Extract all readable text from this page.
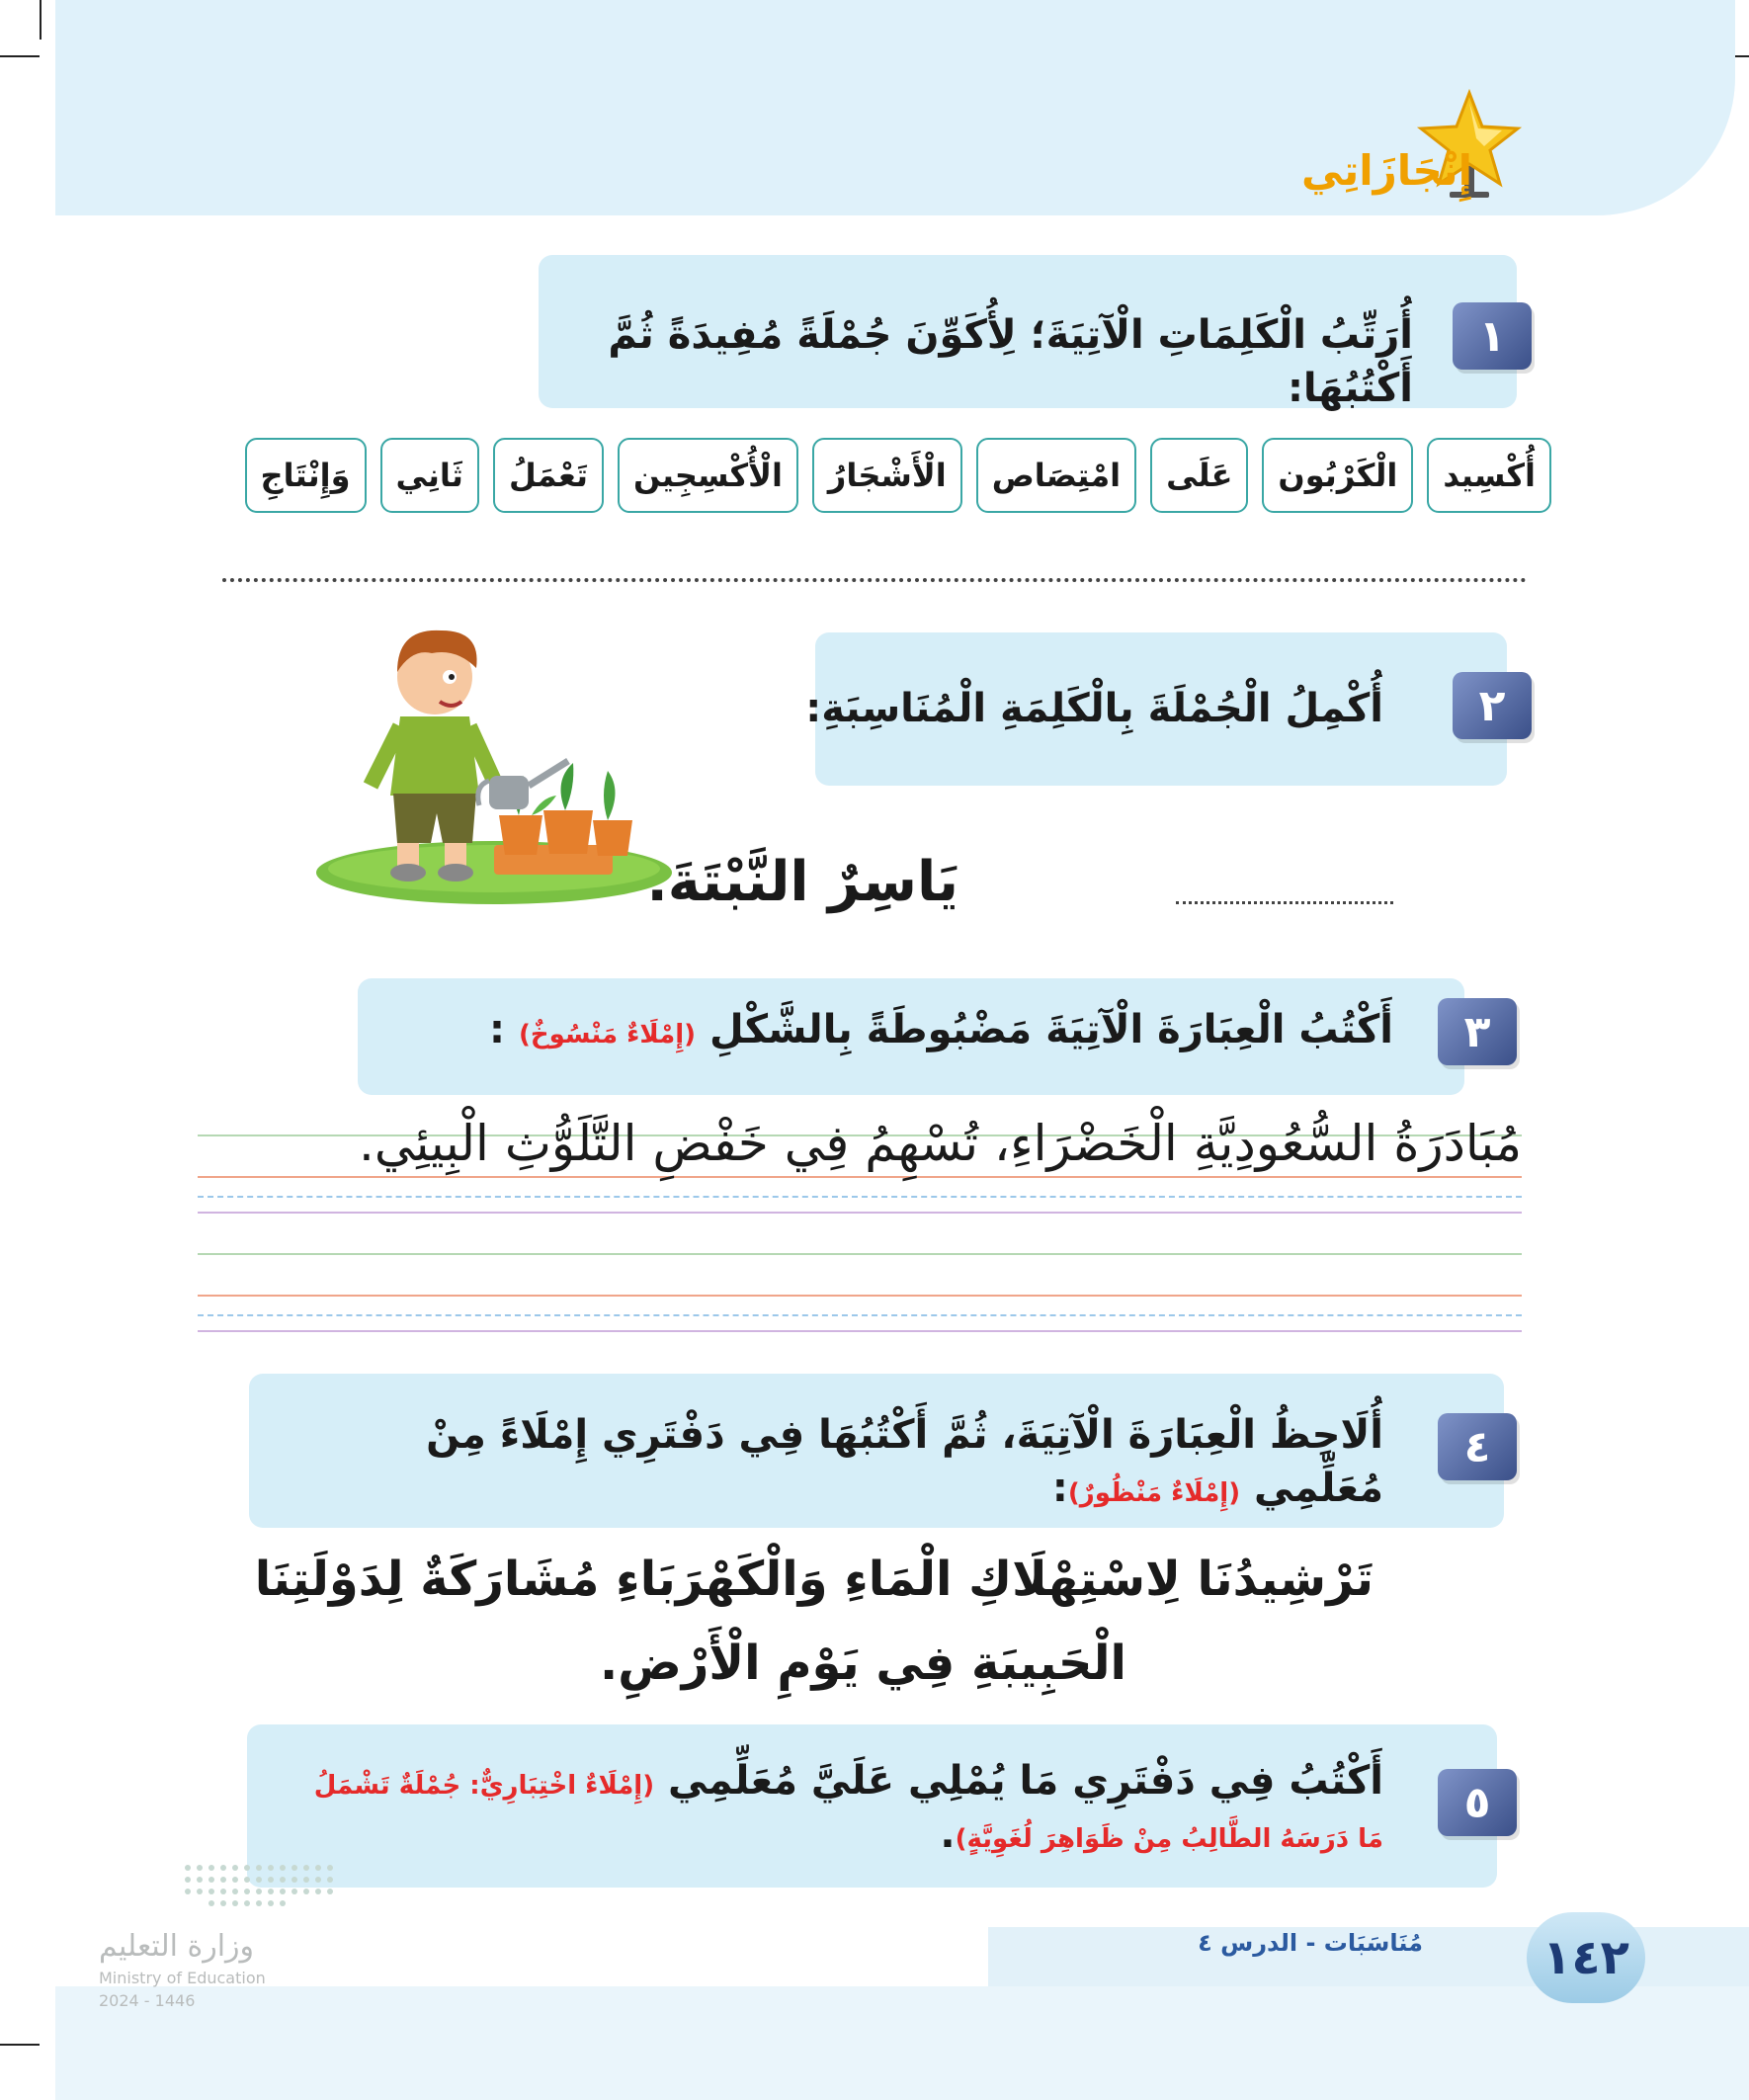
إِنْجَازَاتِي
١
أُرَتِّبُ الْكَلِمَاتِ الْآتِيَةَ؛ لِأُكَوِّنَ جُمْلَةً مُفِيدَةً ثُمَّ أَكْتُبُهَا:
وَإِنْتَاجِ	ثَانِي	تَعْمَلُ	الْأُكْسِجِين	الْأَشْجَارُ	امْتِصَاص	عَلَى	الْكَرْبُون	أُكْسِيد
٢
أُكْمِلُ الْجُمْلَةَ بِالْكَلِمَةِ الْمُنَاسِبَةِ:
يَاسِرٌ النَّبْتَةَ.
٣
أَكْتُبُ الْعِبَارَةَ الْآتِيَةَ مَضْبُوطَةً بِالشَّكْلِ (إِمْلَاءٌ مَنْسُوخٌ) :
مُبَادَرَةُ السُّعُودِيَّةِ الْخَضْرَاءِ، تُسْهِمُ فِي خَفْضِ التَّلَوُّثِ الْبِيئِي.
٤
أُلَاحِظُ الْعِبَارَةَ الْآتِيَةَ، ثُمَّ أَكْتُبُهَا فِي دَفْتَرِي إِمْلَاءً مِنْ مُعَلِّمِي (إِمْلَاءٌ مَنْظُورٌ):
تَرْشِيدُنَا لِاسْتِهْلَاكِ الْمَاءِ وَالْكَهْرَبَاءِ مُشَارَكَةٌ لِدَوْلَتِنَا
الْحَبِيبَةِ فِي يَوْمِ الْأَرْضِ.
٥
أَكْتُبُ فِي دَفْتَرِي مَا يُمْلِي عَلَيَّ مُعَلِّمِي (إِمْلَاءٌ اخْتِبَارِيٌّ: جُمْلَةٌ تَشْمَلُ مَا دَرَسَهُ الطَّالِبُ مِنْ ظَوَاهِرَ لُغَوِيَّةٍ).
مُنَاسَبَات - الدرس ٤	١٤٢
وزارة التعليم
Ministry of Education
2024 - 1446
